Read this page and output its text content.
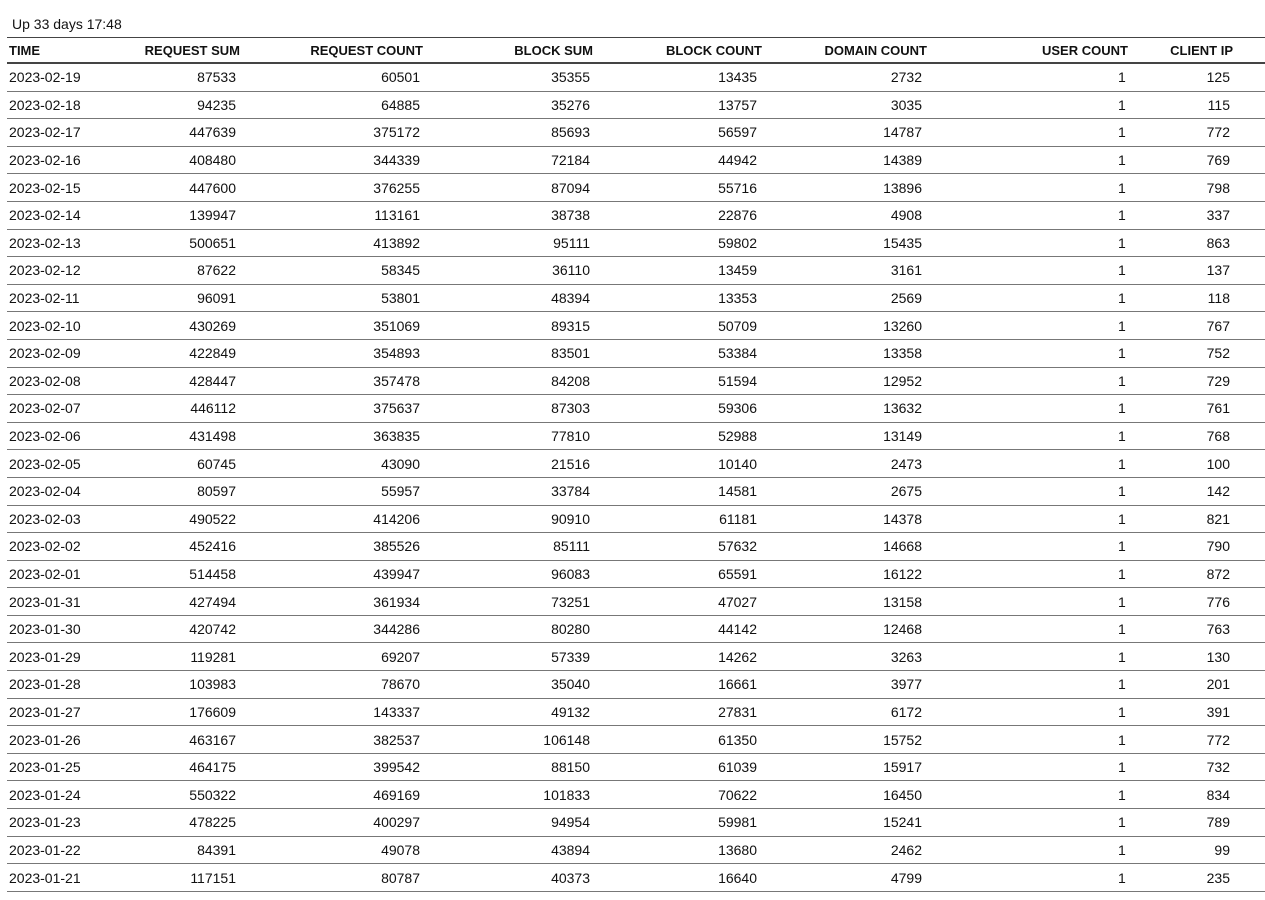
Up 33 days 17:48
TIME	REQUEST SUM	REQUEST COUNT	BLOCK SUM	BLOCK COUNT	DOMAIN COUNT	USER COUNT	CLIENT IP
2023-02-19	87533	60501	35355	13435	2732	1	125
2023-02-18	94235	64885	35276	13757	3035	1	115
2023-02-17	447639	375172	85693	56597	14787	1	772
2023-02-16	408480	344339	72184	44942	14389	1	769
2023-02-15	447600	376255	87094	55716	13896	1	798
2023-02-14	139947	113161	38738	22876	4908	1	337
2023-02-13	500651	413892	95111	59802	15435	1	863
2023-02-12	87622	58345	36110	13459	3161	1	137
2023-02-11	96091	53801	48394	13353	2569	1	118
2023-02-10	430269	351069	89315	50709	13260	1	767
2023-02-09	422849	354893	83501	53384	13358	1	752
2023-02-08	428447	357478	84208	51594	12952	1	729
2023-02-07	446112	375637	87303	59306	13632	1	761
2023-02-06	431498	363835	77810	52988	13149	1	768
2023-02-05	60745	43090	21516	10140	2473	1	100
2023-02-04	80597	55957	33784	14581	2675	1	142
2023-02-03	490522	414206	90910	61181	14378	1	821
2023-02-02	452416	385526	85111	57632	14668	1	790
2023-02-01	514458	439947	96083	65591	16122	1	872
2023-01-31	427494	361934	73251	47027	13158	1	776
2023-01-30	420742	344286	80280	44142	12468	1	763
2023-01-29	119281	69207	57339	14262	3263	1	130
2023-01-28	103983	78670	35040	16661	3977	1	201
2023-01-27	176609	143337	49132	27831	6172	1	391
2023-01-26	463167	382537	106148	61350	15752	1	772
2023-01-25	464175	399542	88150	61039	15917	1	732
2023-01-24	550322	469169	101833	70622	16450	1	834
2023-01-23	478225	400297	94954	59981	15241	1	789
2023-01-22	84391	49078	43894	13680	2462	1	99
2023-01-21	117151	80787	40373	16640	4799	1	235
